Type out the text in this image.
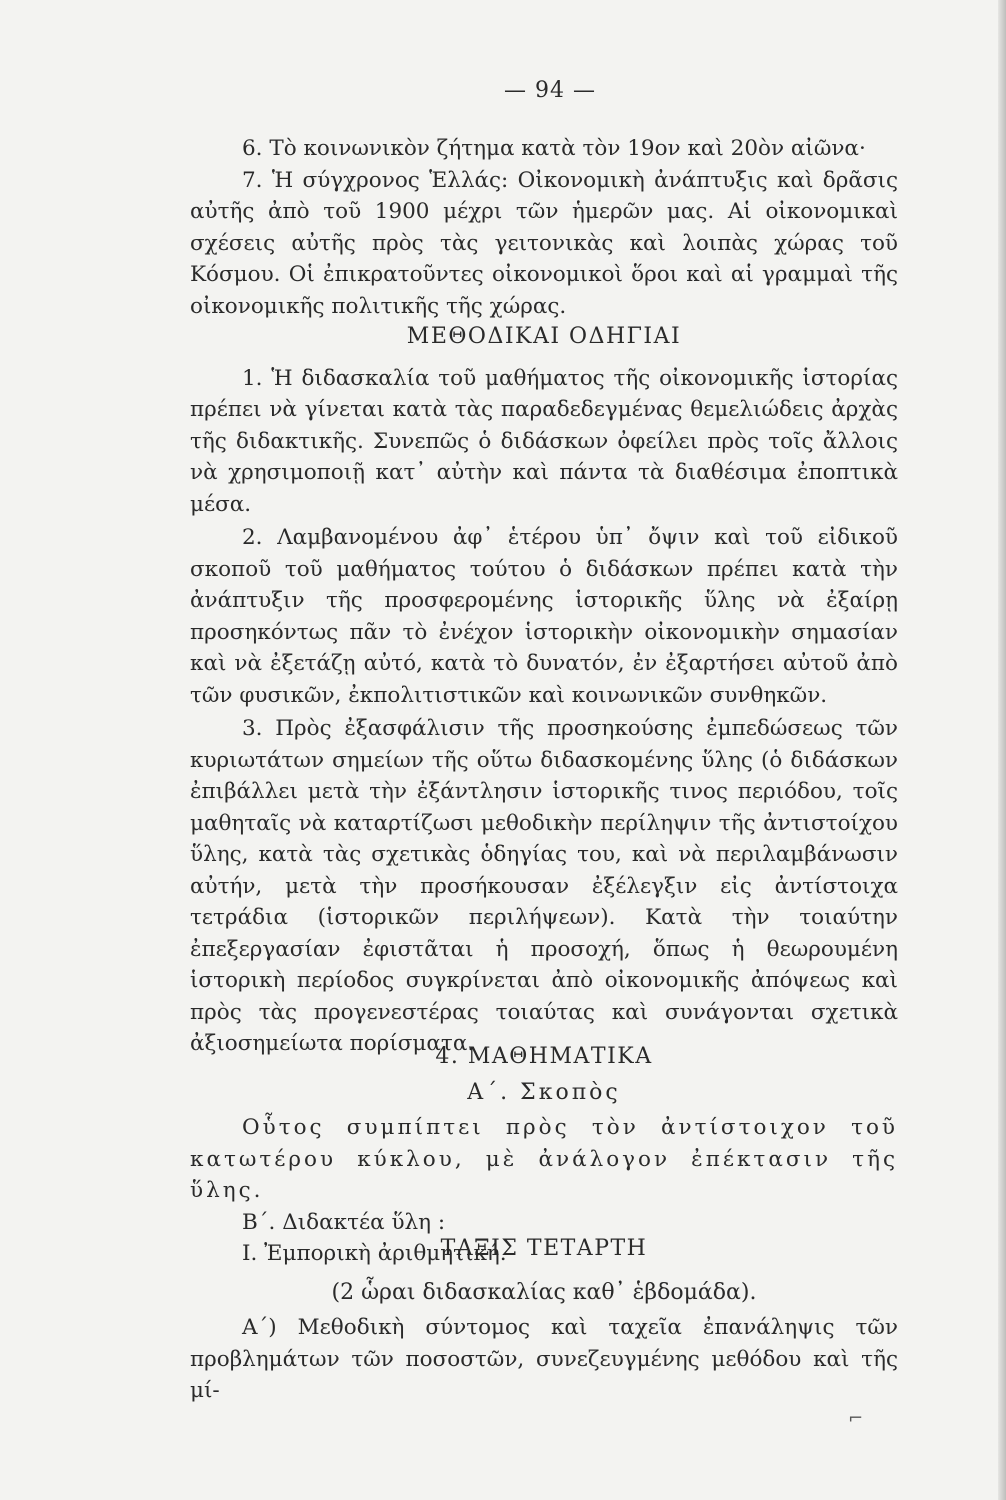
— 94 —

6. Τὸ κοινωνικὸν ζήτημα κατὰ τὸν 19ον καὶ 20ὸν αἰῶνα·

7. Ἡ σύγχρονος Ἑλλάς: Οἰκονομικὴ ἀνάπτυξις καὶ δρᾶσις αὐτῆς ἀπὸ τοῦ 1900 μέχρι τῶν ἡμερῶν μας. Αἱ οἰκονομικαὶ σχέσεις αὐτῆς πρὸς τὰς γειτονικὰς καὶ λοιπὰς χώρας τοῦ Κόσμου. Οἱ ἐπικρατοῦντες οἰκονομικοὶ ὅροι καὶ αἱ γραμμαὶ τῆς οἰκονομικῆς πολιτικῆς τῆς χώρας.

ΜΕΘΟΔΙΚΑΙ ΟΔΗΓΙΑΙ

1. Ἡ διδασκαλία τοῦ μαθήματος τῆς οἰκονομικῆς ἱστορίας πρέπει νὰ γίνεται κατὰ τὰς παραδεδεγμένας θεμελιώδεις ἀρχὰς τῆς διδακτικῆς. Συνεπῶς ὁ διδάσκων ὀφείλει πρὸς τοῖς ἄλλοις νὰ χρησιμοποιῇ κατ᾽ αὐτὴν καὶ πάντα τὰ διαθέσιμα ἐποπτικὰ μέσα.

2. Λαμβανομένου ἀφ᾽ ἑτέρου ὑπ᾽ ὄψιν καὶ τοῦ εἰδικοῦ σκοποῦ τοῦ μαθήματος τούτου ὁ διδάσκων πρέπει κατὰ τὴν ἀνάπτυξιν τῆς προσφερομένης ἱστορικῆς ὕλης νὰ ἐξαίρῃ προσηκόντως πᾶν τὸ ἐνέχον ἱστορικὴν οἰκονομικὴν σημασίαν καὶ νὰ ἐξετάζῃ αὐτό, κατὰ τὸ δυνατόν, ἐν ἐξαρτήσει αὐτοῦ ἀπὸ τῶν φυσικῶν, ἐκπολιτιστικῶν καὶ κοινωνικῶν συνθηκῶν.

3. Πρὸς ἐξασφάλισιν τῆς προσηκούσης ἐμπεδώσεως τῶν κυριωτάτων σημείων τῆς οὕτω διδασκομένης ὕλης (ὁ διδάσκων ἐπιβάλλει μετὰ τὴν ἐξάντλησιν ἱστορικῆς τινος περιόδου, τοῖς μαθηταῖς νὰ καταρτίζωσι μεθοδικὴν περίληψιν τῆς ἀντιστοίχου ὕλης, κατὰ τὰς σχετικὰς ὁδηγίας του, καὶ νὰ περιλαμβάνωσιν αὐτήν, μετὰ τὴν προσήκουσαν ἐξέλεγξιν εἰς ἀντίστοιχα τετράδια (ἱστορικῶν περιλήψεων). Κατὰ τὴν τοιαύτην ἐπεξεργασίαν ἐφιστᾶται ἡ προσοχή, ὅπως ἡ θεωρουμένη ἱστορικὴ περίοδος συγκρίνεται ἀπὸ οἰκονομικῆς ἀπόψεως καὶ πρὸς τὰς προγενεστέρας τοιαύτας καὶ συνάγονται σχετικὰ ἀξιοσημείωτα πορίσματα.

4. ΜΑΘΗΜΑΤΙΚΑ

Α΄. Σκοπὸς

Οὗτος συμπίπτει πρὸς τὸν ἀντίστοιχον τοῦ κατωτέρου κύκλου, μὲ ἀνάλογον ἐπέκτασιν τῆς ὕλης.

Β΄. Διδακτέα ὕλη :

Ι. Ἐμπορικὴ ἀριθμητική.

ΤΑΞΙΣ ΤΕΤΑΡΤΗ

(2 ὧραι διδασκαλίας καθ᾽ ἑβδομάδα).

Α΄) Μεθοδικὴ σύντομος καὶ ταχεῖα ἐπανάληψις τῶν προβλημάτων τῶν ποσοστῶν, συνεζευγμένης μεθόδου καὶ τῆς μί-

⌐
